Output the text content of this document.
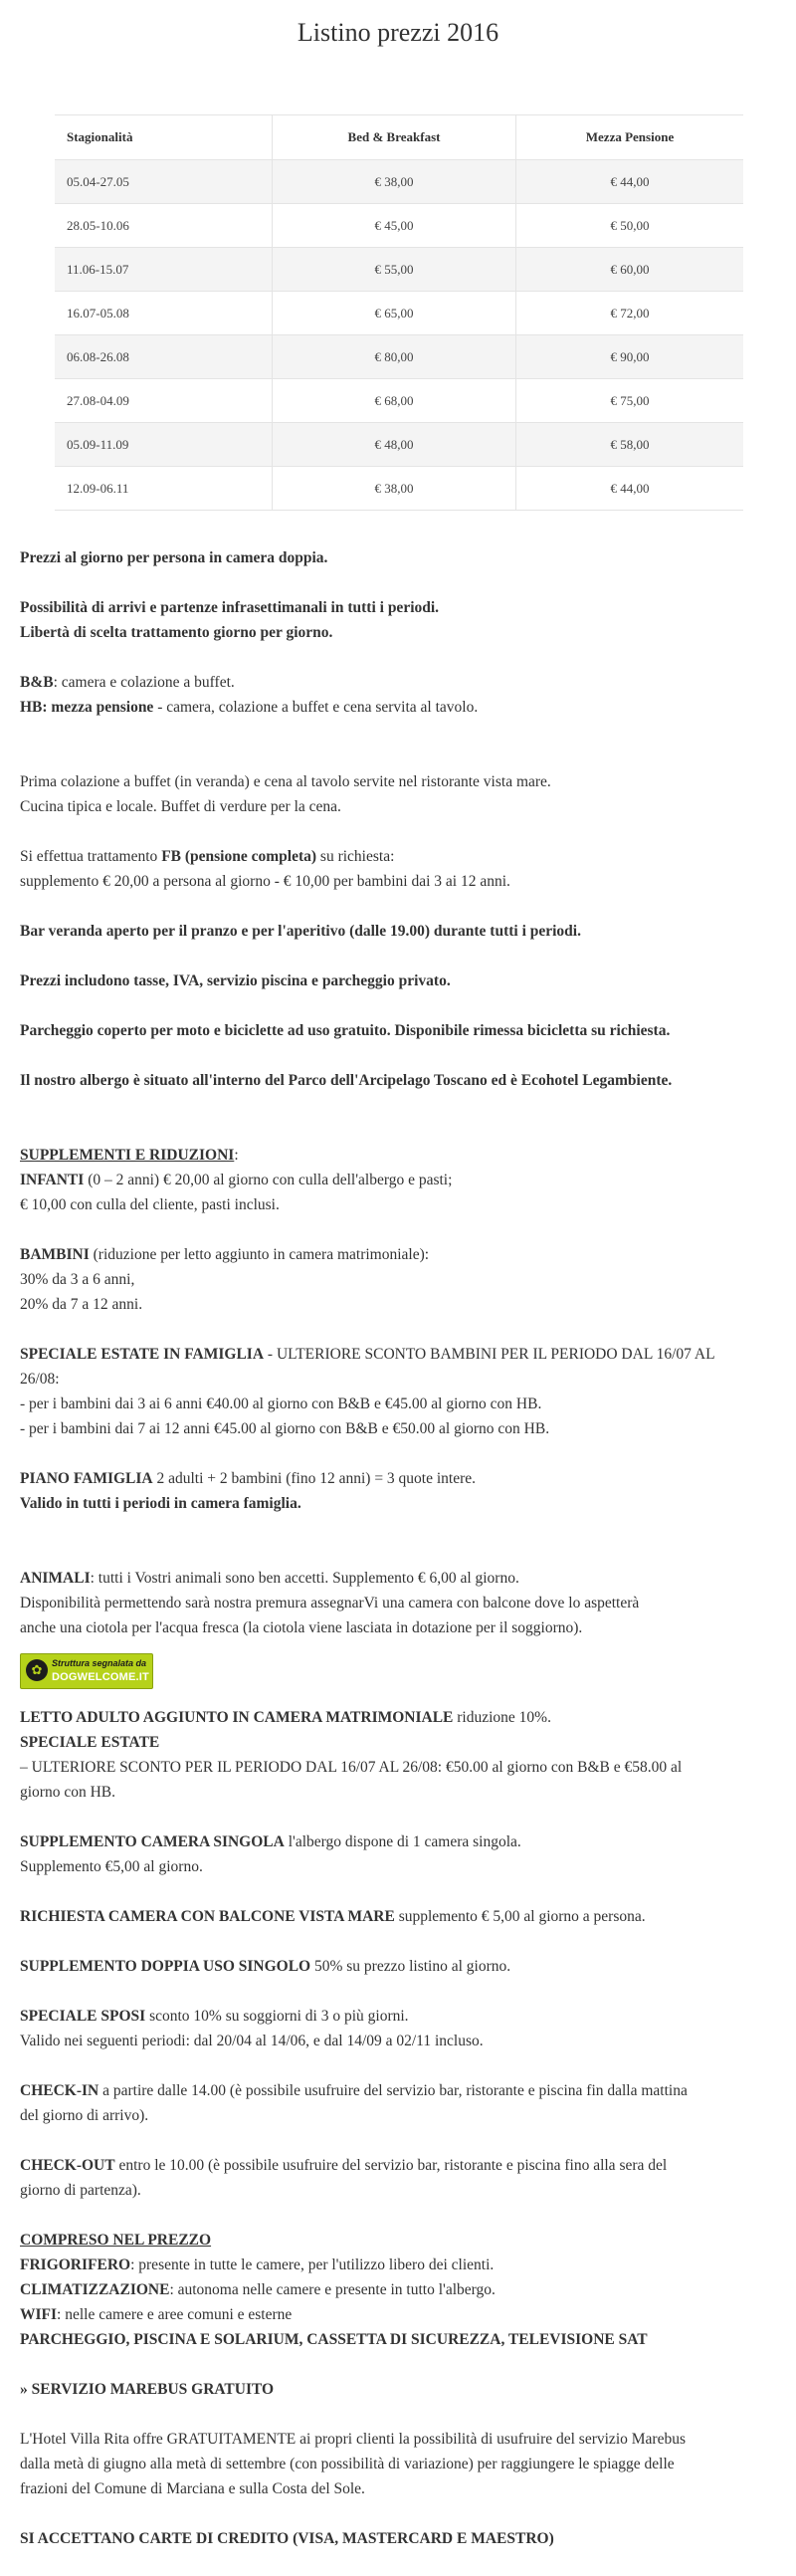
Listino prezzi 2016
Stagionalità	Bed & Breakfast	Mezza Pensione
05.04-27.05	€ 38,00	€ 44,00
28.05-10.06	€ 45,00	€ 50,00
11.06-15.07	€ 55,00	€ 60,00
16.07-05.08	€ 65,00	€ 72,00
06.08-26.08	€ 80,00	€ 90,00
27.08-04.09	€ 68,00	€ 75,00
05.09-11.09	€ 48,00	€ 58,00
12.09-06.11	€ 38,00	€ 44,00

Prezzi al giorno per persona in camera doppia.

Possibilità di arrivi e partenze infrasettimanali in tutti i periodi.

Libertà di scelta trattamento giorno per giorno.

B&B: camera e colazione a buffet.

HB: mezza pensione - camera, colazione a buffet e cena servita al tavolo.

Prima colazione a buffet (in veranda) e cena al tavolo servite nel ristorante vista mare.

Cucina tipica e locale. Buffet di verdure per la cena.

Si effettua trattamento FB (pensione completa) su richiesta:

supplemento € 20,00 a persona al giorno - € 10,00 per bambini dai 3 ai 12 anni.

Bar veranda aperto per il pranzo e per l'aperitivo (dalle 19.00) durante tutti i periodi.

Prezzi includono tasse, IVA, servizio piscina e parcheggio privato.

Parcheggio coperto per moto e biciclette ad uso gratuito. Disponibile rimessa bicicletta su richiesta.

Il nostro albergo è situato all'interno del Parco dell'Arcipelago Toscano ed è Ecohotel Legambiente.

SUPPLEMENTI E RIDUZIONI:

INFANTI (0 – 2 anni) € 20,00 al giorno con culla dell'albergo e pasti;

€ 10,00 con culla del cliente, pasti inclusi.

BAMBINI (riduzione per letto aggiunto in camera matrimoniale):

30% da 3 a 6 anni,

20% da 7 a 12 anni.

SPECIALE ESTATE IN FAMIGLIA - ULTERIORE SCONTO BAMBINI PER IL PERIODO DAL 16/07 AL

26/08:

- per i bambini dai 3 ai 6 anni €40.00 al giorno con B&B e €45.00 al giorno con HB.

- per i bambini dai 7 ai 12 anni €45.00 al giorno con B&B e €50.00 al giorno con HB.

PIANO FAMIGLIA 2 adulti + 2 bambini (fino 12 anni) = 3 quote intere.

Valido in tutti i periodi in camera famiglia.

ANIMALI: tutti i Vostri animali sono ben accetti. Supplemento € 6,00 al giorno.

Disponibilità permettendo sarà nostra premura assegnarVi una camera con balcone dove lo aspetterà

anche una ciotola per l'acqua fresca (la ciotola viene lasciata in dotazione per il soggiorno).

✿	Struttura segnalata da
DOGWELCOME.IT

LETTO ADULTO AGGIUNTO IN CAMERA MATRIMONIALE riduzione 10%.

SPECIALE ESTATE

– ULTERIORE SCONTO PER IL PERIODO DAL 16/07 AL 26/08: €50.00 al giorno con B&B e €58.00 al

giorno con HB.

SUPPLEMENTO CAMERA SINGOLA l'albergo dispone di 1 camera singola.

Supplemento €5,00 al giorno.

RICHIESTA CAMERA CON BALCONE VISTA MARE supplemento € 5,00 al giorno a persona.

SUPPLEMENTO DOPPIA USO SINGOLO 50% su prezzo listino al giorno.

SPECIALE SPOSI sconto 10% su soggiorni di 3 o più giorni.

Valido nei seguenti periodi: dal 20/04 al 14/06, e dal 14/09 a 02/11 incluso.

CHECK-IN a partire dalle 14.00 (è possibile usufruire del servizio bar, ristorante e piscina fin dalla mattina

del giorno di arrivo).

CHECK-OUT entro le 10.00 (è possibile usufruire del servizio bar, ristorante e piscina fino alla sera del

giorno di partenza).

COMPRESO NEL PREZZO

FRIGORIFERO: presente in tutte le camere, per l'utilizzo libero dei clienti.

CLIMATIZZAZIONE: autonoma nelle camere e presente in tutto l'albergo.

WIFI: nelle camere e aree comuni e esterne

PARCHEGGIO, PISCINA E SOLARIUM, CASSETTA DI SICUREZZA, TELEVISIONE SAT

» SERVIZIO MAREBUS GRATUITO

L'Hotel Villa Rita offre GRATUITAMENTE ai propri clienti la possibilità di usufruire del servizio Marebus

dalla metà di giugno alla metà di settembre (con possibilità di variazione) per raggiungere le spiagge delle

frazioni del Comune di Marciana e sulla Costa del Sole.

SI ACCETTANO CARTE DI CREDITO (VISA, MASTERCARD E MAESTRO)
